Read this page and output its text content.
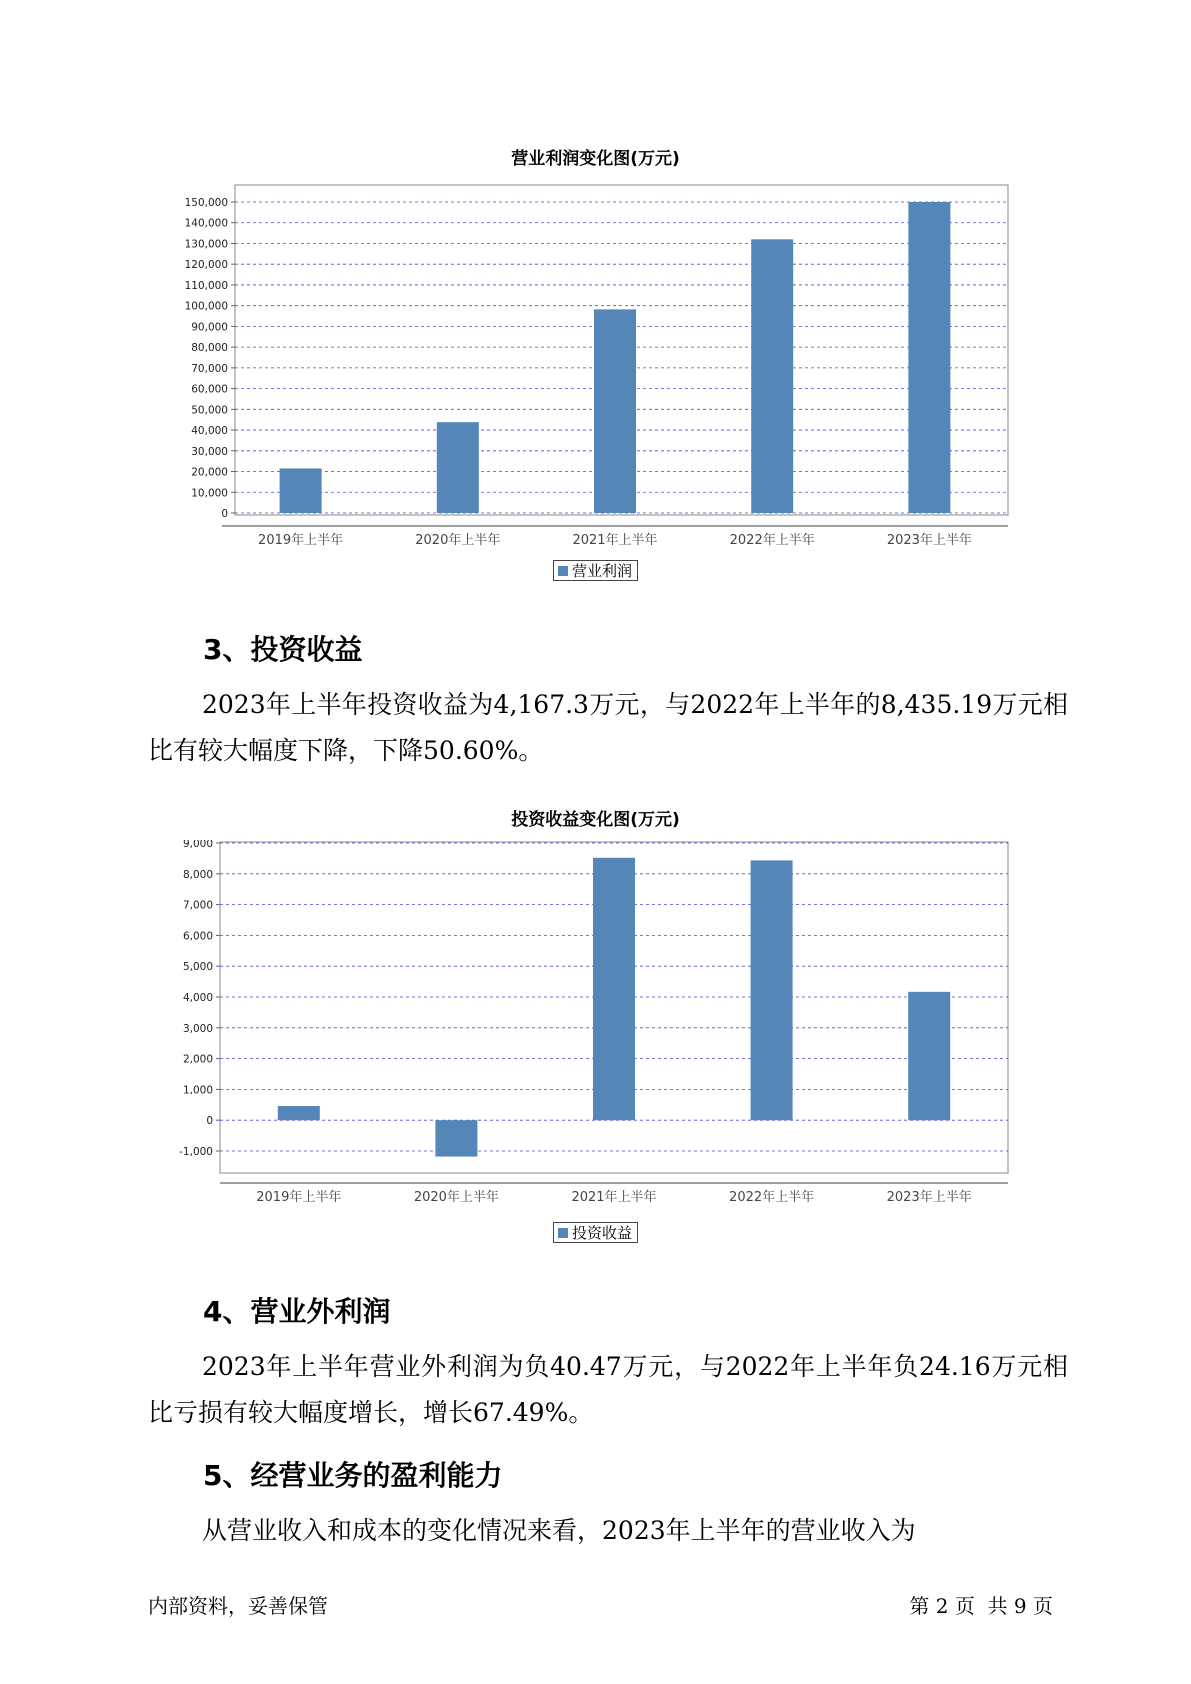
营业利润变化图(万元)
0
10,000
20,000
30,000
40,000
50,000
60,000
70,000
80,000
90,000
100,000
110,000
120,000
130,000
140,000
150,000
2019年上半年	2020年上半年	2021年上半年	2022年上半年	2023年上半年
营业利润
3、投资收益
2023年上半年投资收益为4,167.3万元，与2022年上半年的8,435.19万元相比有较大幅度下降，下降50.60%。
投资收益变化图(万元)
-1,000
0
1,000
2,000
3,000
4,000
5,000
6,000
7,000
8,000
9,000
2019年上半年	2020年上半年	2021年上半年	2022年上半年	2023年上半年
投资收益
4、营业外利润
2023年上半年营业外利润为负40.47万元，与2022年上半年负24.16万元相比亏损有较大幅度增长，增长67.49%。
5、经营业务的盈利能力
从营业收入和成本的变化情况来看，2023年上半年的营业收入为
内部资料，妥善保管	第 2 页  共 9 页
